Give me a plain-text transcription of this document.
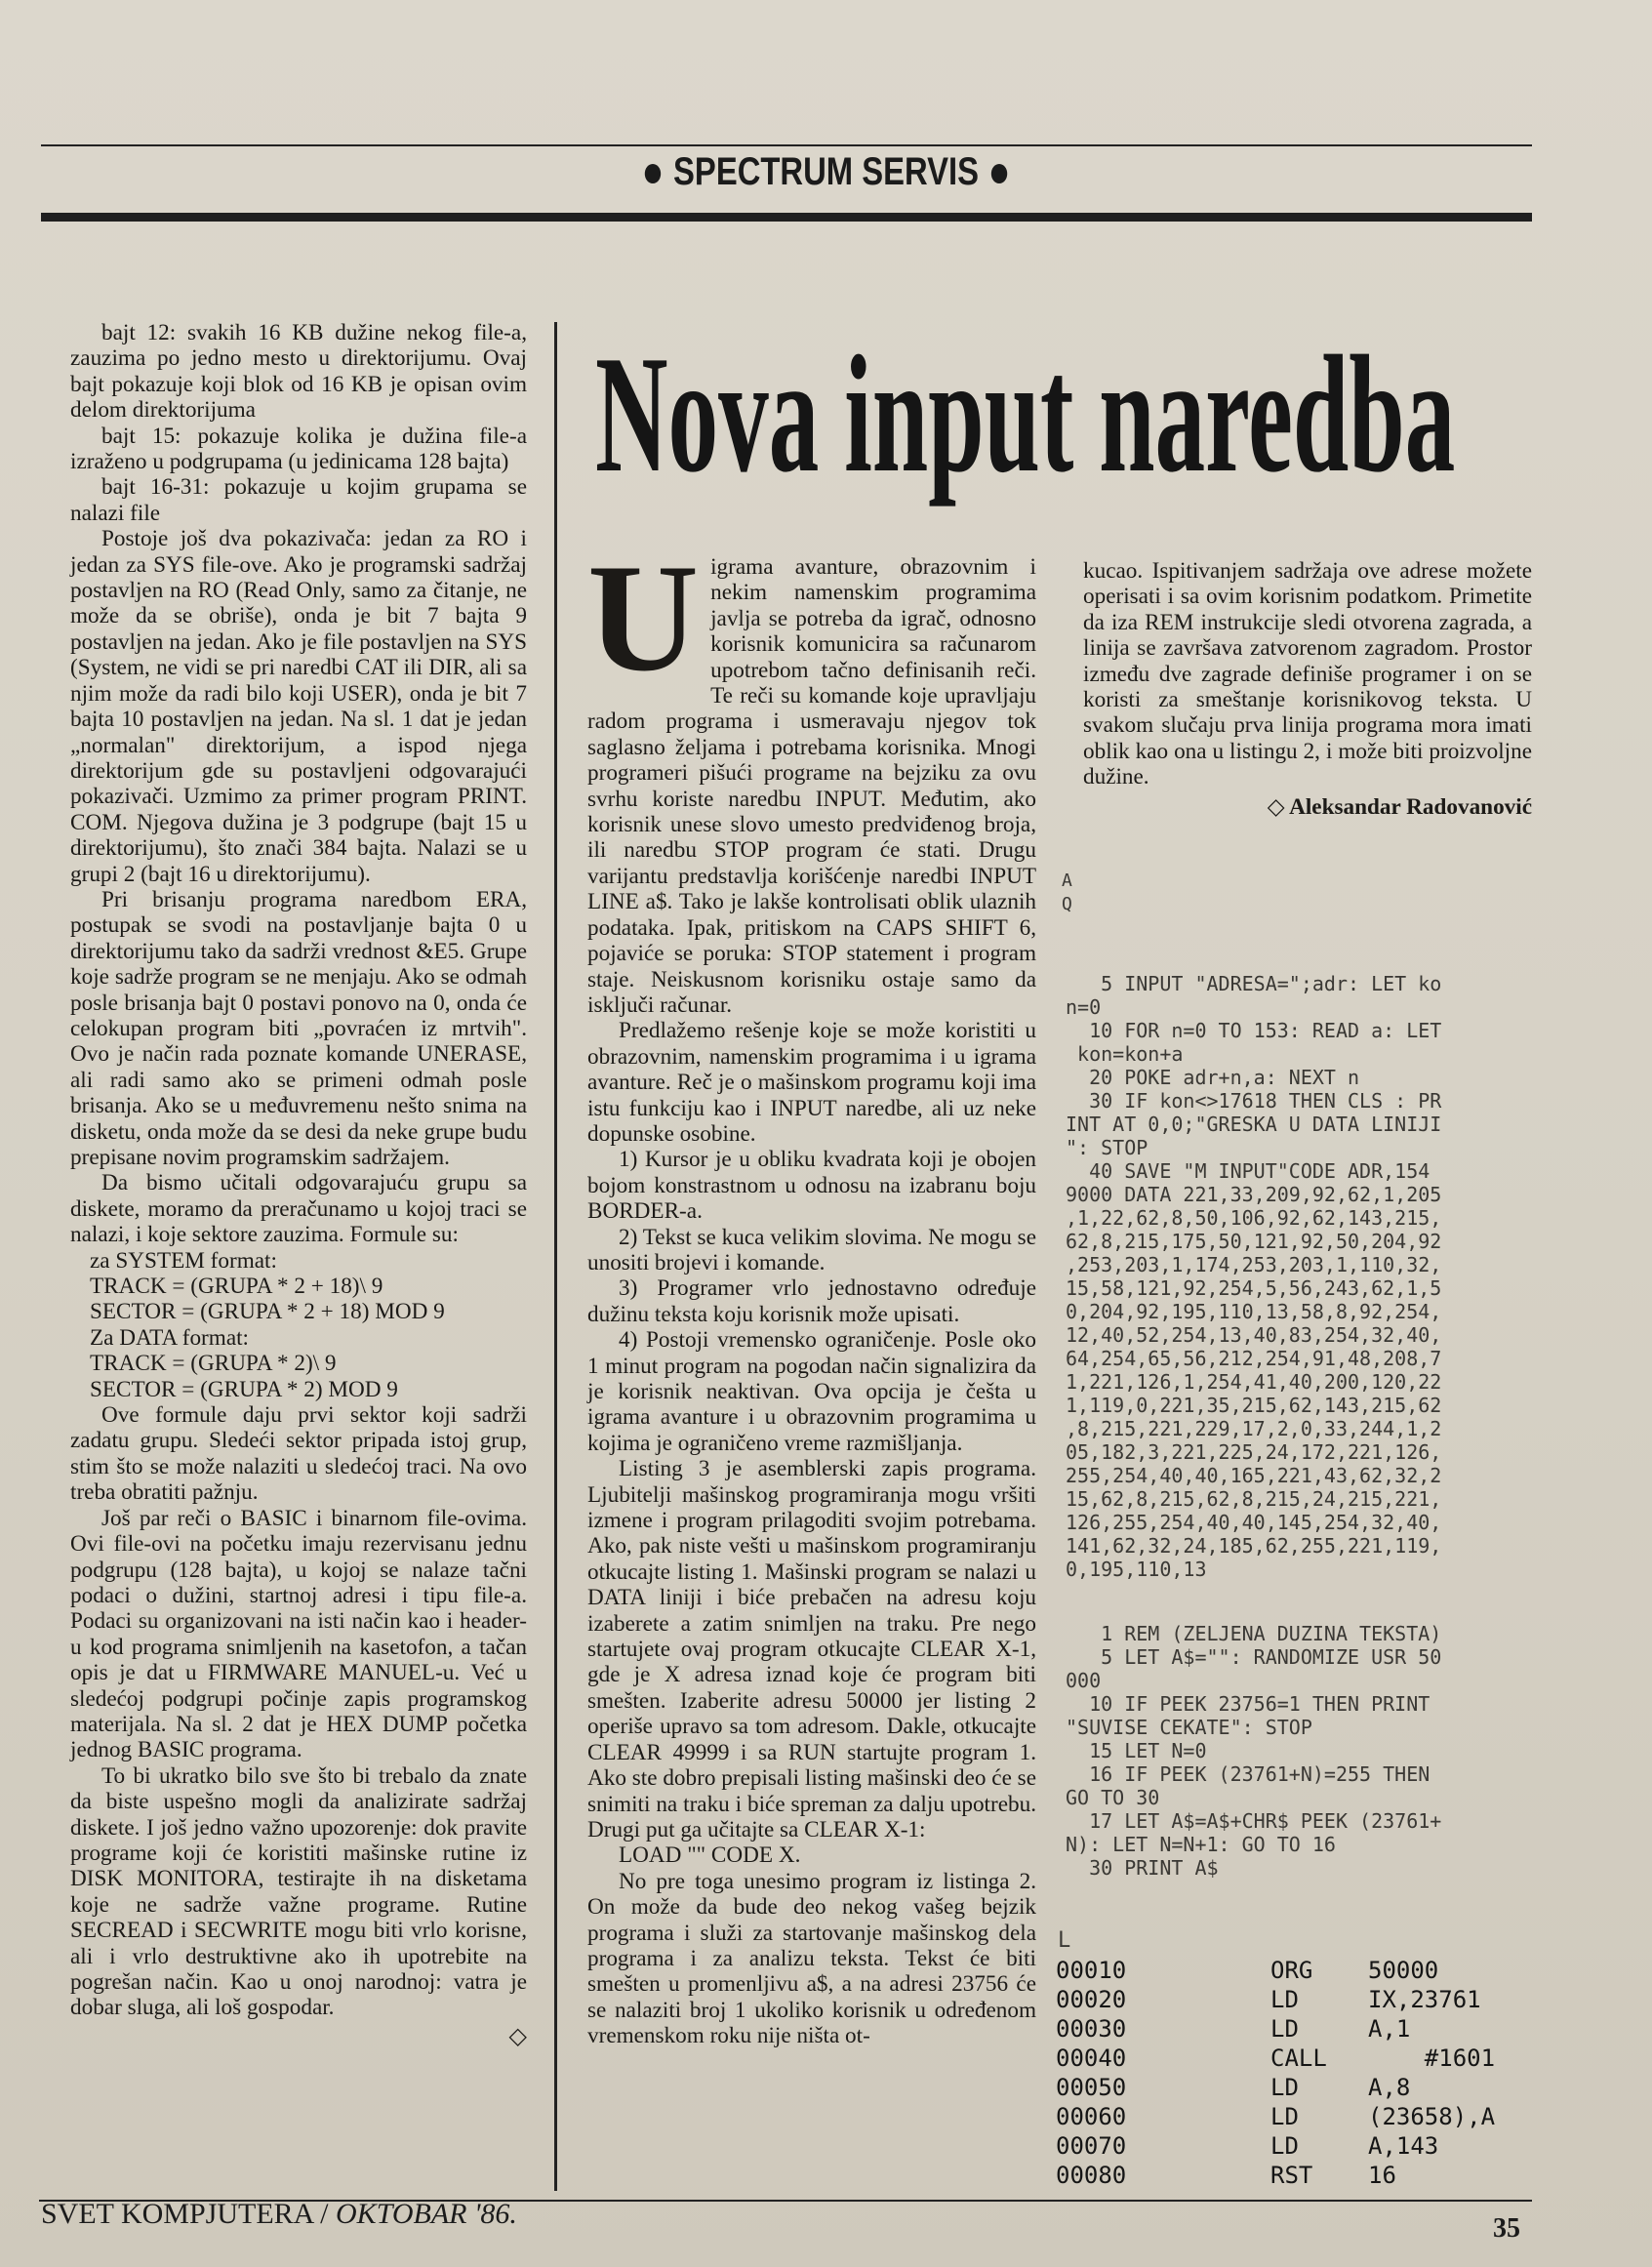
SPECTRUM SERVIS

bajt 12: svakih 16 KB dužine nekog file-a, zauzima po jedno mesto u direktorijumu. Ovaj bajt pokazuje koji blok od 16 KB je opisan ovim delom direktorijuma

bajt 15: pokazuje kolika je dužina file-a izraženo u podgrupama (u jedinicama 128 bajta)

bajt 16-31: pokazuje u kojim grupama se nalazi file

Postoje još dva pokazivača: jedan za RO i jedan za SYS file-ove. Ako je programski sadržaj postavljen na RO (Read Only, samo za čitanje, ne može da se obriše), onda je bit 7 bajta 9 postavljen na jedan. Ako je file postavljen na SYS (System, ne vidi se pri naredbi CAT ili DIR, ali sa njim može da radi bilo koji USER), onda je bit 7 bajta 10 postavljen na jedan. Na sl. 1 dat je jedan „normalan" direktorijum, a ispod njega direktorijum gde su postavljeni odgovarajući pokazivači. Uzmimo za primer program PRINT. COM. Njegova dužina je 3 podgrupe (bajt 15 u direktorijumu), što znači 384 bajta. Nalazi se u grupi 2 (bajt 16 u direktorijumu).

Pri brisanju programa naredbom ERA, postupak se svodi na postavljanje bajta 0 u direktorijumu tako da sadrži vrednost &E5. Grupe koje sadrže program se ne menjaju. Ako se odmah posle brisanja bajt 0 postavi ponovo na 0, onda će celokupan program biti „povraćen iz mrtvih". Ovo je način rada poznate komande UNERASE, ali radi samo ako se primeni odmah posle brisanja. Ako se u međuvremenu nešto snima na disketu, onda može da se desi da neke grupe budu prepisane novim programskim sadržajem.

Da bismo učitali odgovarajuću grupu sa diskete, moramo da preračunamo u kojoj traci se nalazi, i koje sektore zauzima. Formule su:

za SYSTEM format:
TRACK = (GRUPA * 2 + 18)\ 9
SECTOR = (GRUPA * 2 + 18) MOD 9
Za DATA format:
TRACK = (GRUPA * 2)\ 9
SECTOR = (GRUPA * 2) MOD 9

Ove formule daju prvi sektor koji sadrži zadatu grupu. Sledeći sektor pripada istoj grup, stim što se može nalaziti u sledećoj traci. Na ovo treba obratiti pažnju.

Još par reči o BASIC i binarnom file-ovima. Ovi file-ovi na početku imaju rezervisanu jednu podgrupu (128 bajta), u kojoj se nalaze tačni podaci o dužini, startnoj adresi i tipu file-a. Podaci su organizovani na isti način kao i header-u kod programa snimljenih na kasetofon, a tačan opis je dat u FIRMWARE MANUEL-u. Već u sledećoj podgrupi počinje zapis programskog materijala. Na sl. 2 dat je HEX DUMP početka jednog BASIC programa.

To bi ukratko bilo sve što bi trebalo da znate da biste uspešno mogli da analizirate sadržaj diskete. I još jedno važno upozorenje: dok pravite programe koji će koristiti mašinske rutine iz DISK MONITORA, testirajte ih na disketama koje ne sadrže važne programe. Rutine SECREAD i SECWRITE mogu biti vrlo korisne, ali i vrlo destruktivne ako ih upotrebite na pogrešan način. Kao u onoj narodnoj: vatra je dobar sluga, ali loš gospodar.

◇
Nova input naredba
U igrama avanture, obrazovnim i nekim namenskim programima javlja se potreba da igrač, odnosno korisnik komunicira sa računarom upotrebom tačno definisanih reči. Te reči su komande koje upravljaju radom programa i usmeravaju njegov tok saglasno željama i potrebama korisnika. Mnogi programeri pišući programe na bejziku za ovu svrhu koriste naredbu INPUT. Međutim, ako korisnik unese slovo umesto predviđenog broja, ili naredbu STOP program će stati. Drugu varijantu predstavlja korišćenje naredbi INPUT LINE a$. Tako je lakše kontrolisati oblik ulaznih podataka. Ipak, pritiskom na CAPS SHIFT 6, pojaviće se poruka: STOP statement i program staje. Neiskusnom korisniku ostaje samo da isključi računar.

Predlažemo rešenje koje se može koristiti u obrazovnim, namenskim programima i u igrama avanture. Reč je o mašinskom programu koji ima istu funkciju kao i INPUT naredbe, ali uz neke dopunske osobine.

1) Kursor je u obliku kvadrata koji je obojen bojom konstrastnom u odnosu na izabranu boju BORDER-a.

2) Tekst se kuca velikim slovima. Ne mogu se unositi brojevi i komande.

3) Programer vrlo jednostavno određuje dužinu teksta koju korisnik može upisati.

4) Postoji vremensko ograničenje. Posle oko 1 minut program na pogodan način signalizira da je korisnik neaktivan. Ova opcija je češta u igrama avanture i u obrazovnim programima u kojima je ograničeno vreme razmišljanja.

Listing 3 je asemblerski zapis programa. Ljubitelji mašinskog programiranja mogu vršiti izmene i program prilagoditi svojim potrebama. Ako, pak niste vešti u mašinskom programiranju otkucajte listing 1. Mašinski program se nalazi u DATA liniji i biće prebačen na adresu koju izaberete a zatim snimljen na traku. Pre nego startujete ovaj program otkucajte CLEAR X-1, gde je X adresa iznad koje će program biti smešten. Izaberite adresu 50000 jer listing 2 operiše upravo sa tom adresom. Dakle, otkucajte CLEAR 49999 i sa RUN startujte program 1. Ako ste dobro prepisali listing mašinski deo će se snimiti na traku i biće spreman za dalju upotrebu. Drugi put ga učitajte sa CLEAR X-1:

LOAD "" CODE X.

No pre toga unesimo program iz listinga 2. On može da bude deo nekog vašeg bejzik programa i služi za startovanje mašinskog dela programa i za analizu teksta. Tekst će biti smešten u promenljivu a$, a na adresi 23756 će se nalaziti broj 1 ukoliko korisnik u određenom vremenskom roku nije ništa ot-

kucao. Ispitivanjem sadržaja ove adrese možete operisati i sa ovim korisnim podatkom. Primetite da iza REM instrukcije sledi otvorena zagrada, a linija se završava zatvorenom zagradom. Prostor između dve zagrade definiše programer i on se koristi za smeštanje korisnikovog teksta. U svakom slučaju prva linija programa mora imati oblik kao ona u listingu 2, i može biti proizvoljne dužine.

◇ Aleksandar Radovanović
A
Q
5 INPUT "ADRESA=";adr: LET ko
n=0
10 FOR n=0 TO 153: READ a: LET
kon=kon+a
20 POKE adr+n,a: NEXT n
30 IF kon<>17618 THEN CLS : PR
INT AT 0,0;"GRESKA U DATA LINIJI
": STOP
40 SAVE "M INPUT"CODE ADR,154
9000 DATA 221,33,209,92,62,1,205
,1,22,62,8,50,106,92,62,143,215,
62,8,215,175,50,121,92,50,204,92
,253,203,1,174,253,203,1,110,32,
15,58,121,92,254,5,56,243,62,1,5
0,204,92,195,110,13,58,8,92,254,
12,40,52,254,13,40,83,254,32,40,
64,254,65,56,212,254,91,48,208,7
1,221,126,1,254,41,40,200,120,22
1,119,0,221,35,215,62,143,215,62
,8,215,221,229,17,2,0,33,244,1,2
05,182,3,221,225,24,172,221,126,
255,254,40,40,165,221,43,62,32,2
15,62,8,215,62,8,215,24,215,221,
126,255,254,40,40,145,254,32,40,
141,62,32,24,185,62,255,221,119,
0,195,110,13
1 REM (ZELJENA DUZINA TEKSTA)
5 LET A$="": RANDOMIZE USR 50
000
10 IF PEEK 23756=1 THEN PRINT
"SUVISE CEKATE": STOP
15 LET N=0
16 IF PEEK (23761+N)=255 THEN
GO TO 30
17 LET A$=A$+CHR$ PEEK (23761+
N): LET N=N+1: GO TO 16
30 PRINT A$
L
00010	ORG 50000
00020	LD	IX,23761
00030	LD	A,1
00040	CALL    #1601
00050	LD	A,8
00060	LD	(23658),A
00070	LD	A,143
00080	RST 16
SVET KOMPJUTERA / OKTOBAR '86.	35
